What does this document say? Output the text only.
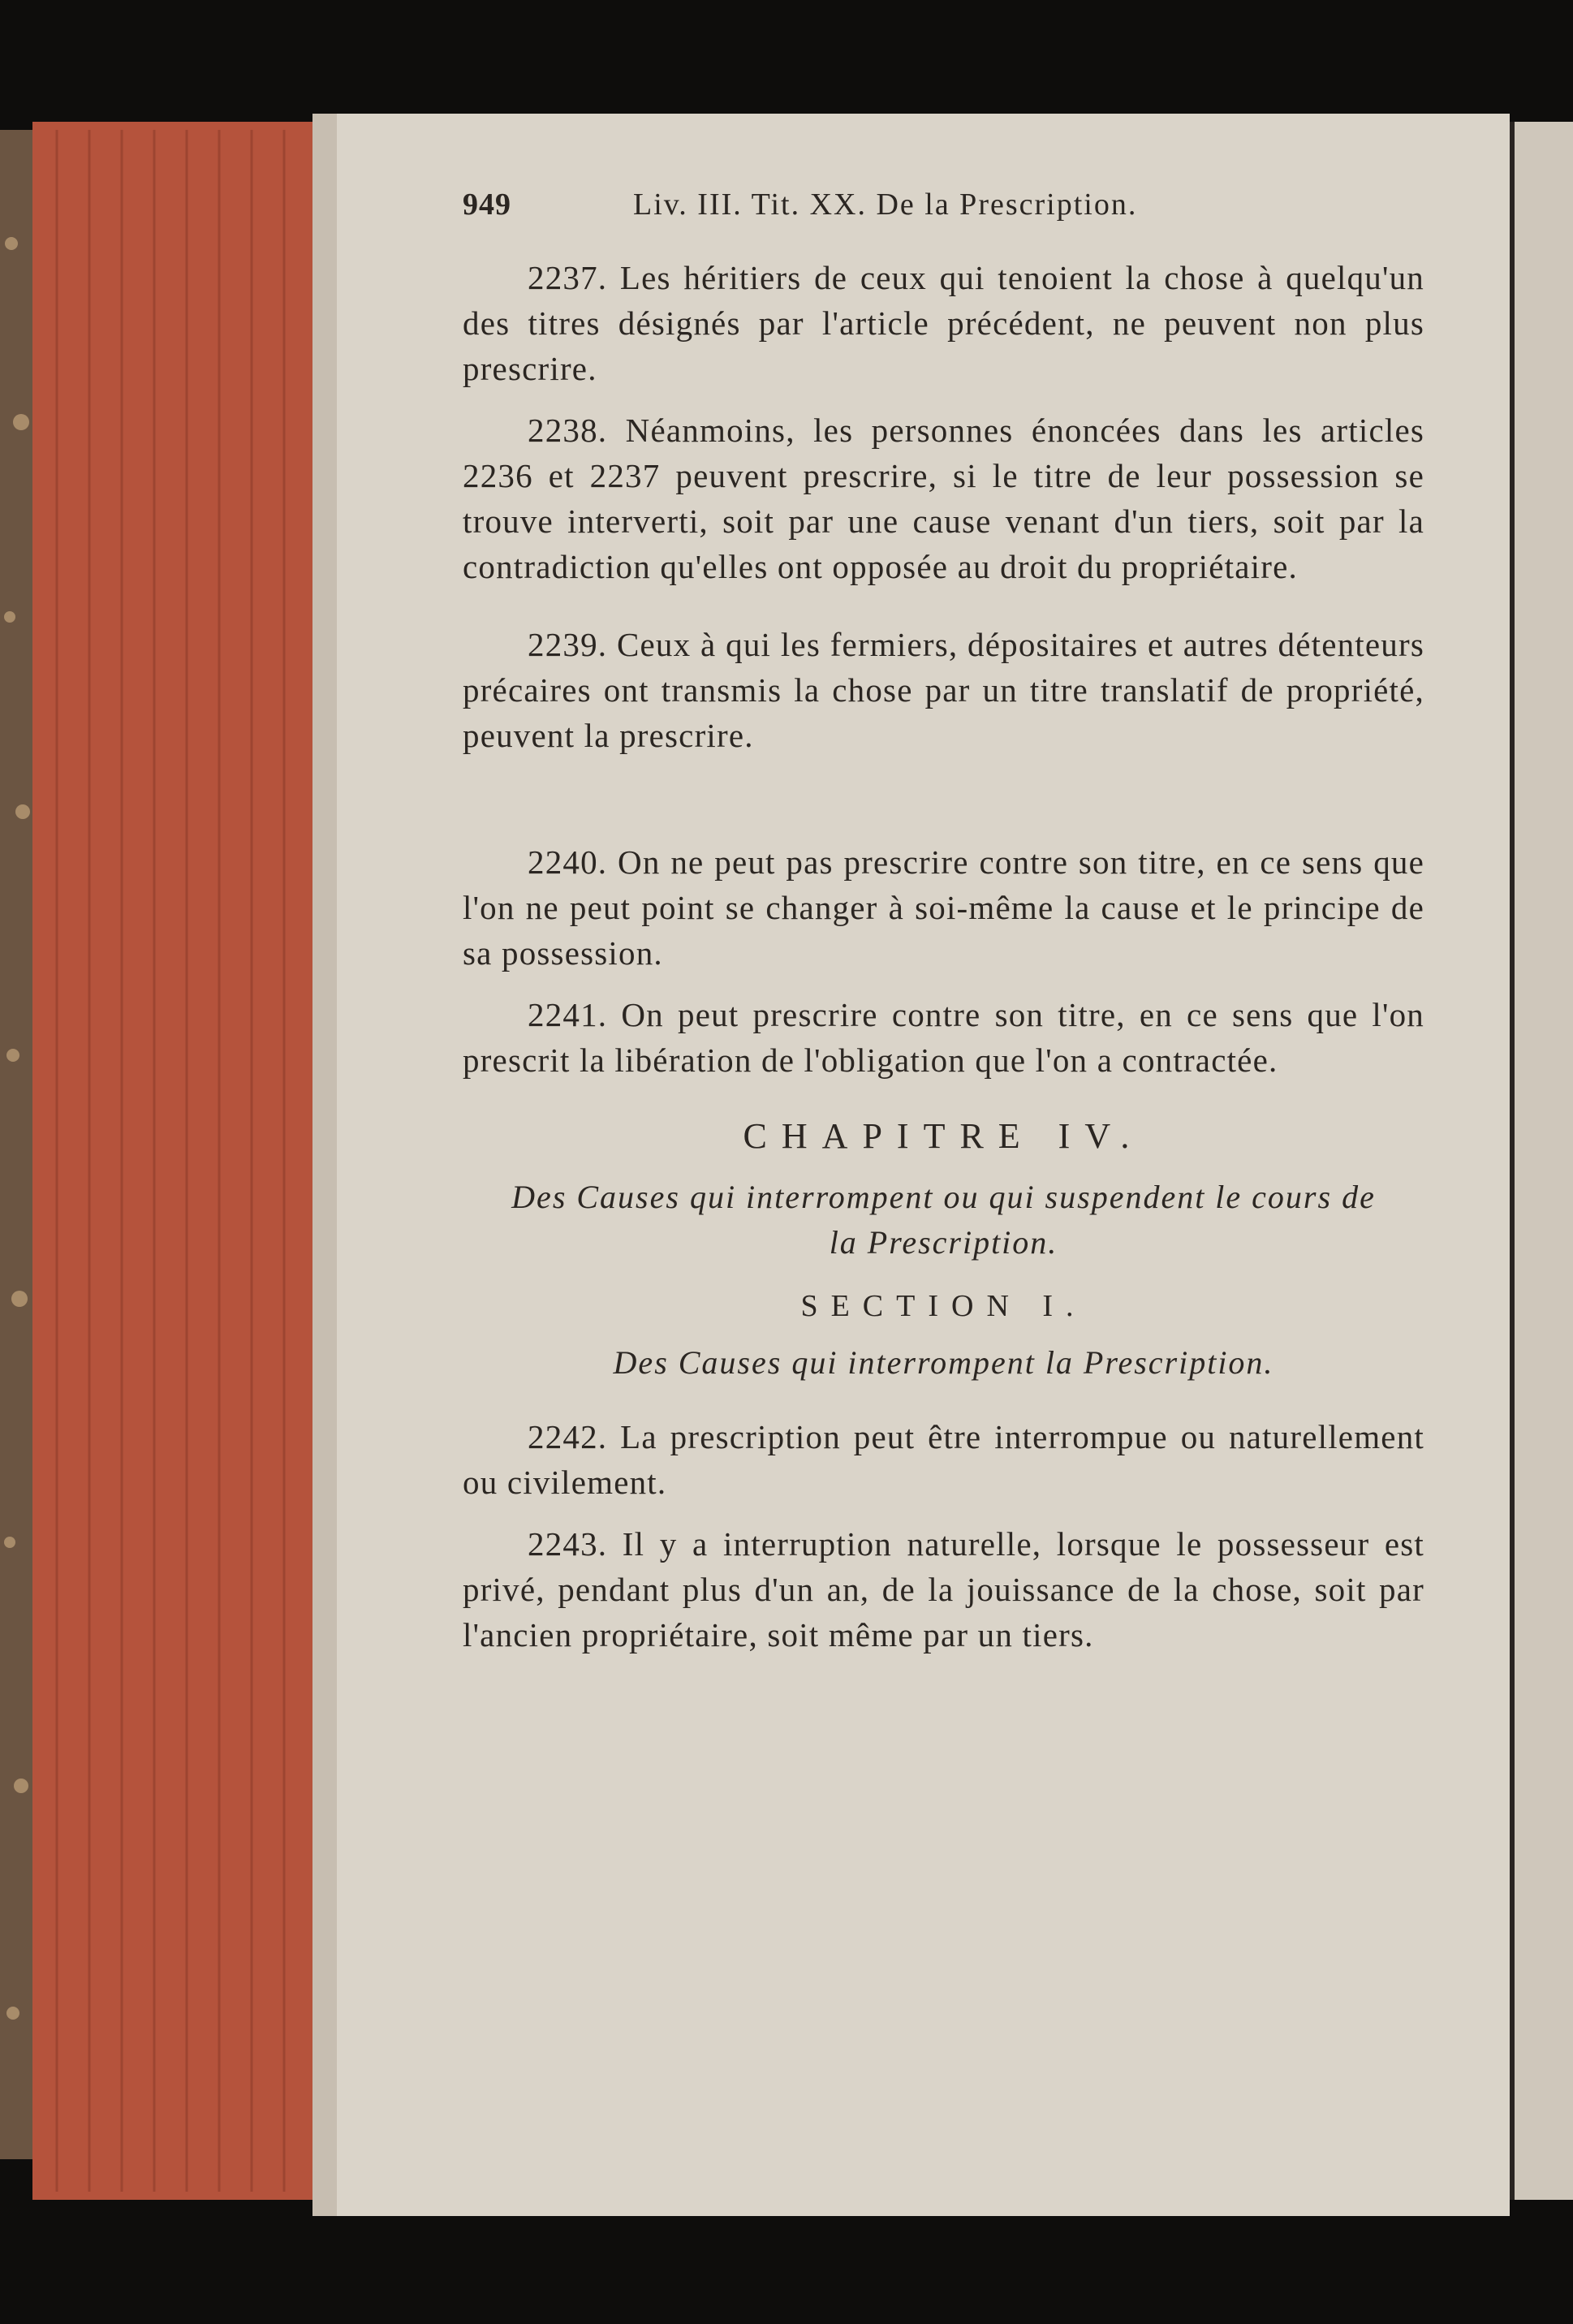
949	Liv. III. Tit. XX. De la Prescription.

2237. Les héritiers de ceux qui tenoient la chose à quelqu'un des titres désignés par l'article précédent, ne peuvent non plus prescrire.

2238. Néanmoins, les personnes énoncées dans les articles 2236 et 2237 peuvent prescrire, si le titre de leur possession se trouve interverti, soit par une cause venant d'un tiers, soit par la contradiction qu'elles ont opposée au droit du propriétaire.

2239. Ceux à qui les fermiers, dépositaires et autres détenteurs précaires ont transmis la chose par un titre translatif de propriété, peuvent la prescrire.

2240. On ne peut pas prescrire contre son titre, en ce sens que l'on ne peut point se changer à soi-même la cause et le principe de sa possession.

2241. On peut prescrire contre son titre, en ce sens que l'on prescrit la libération de l'obligation que l'on a contractée.

CHAPITRE IV.
Des Causes qui interrompent ou qui suspendent le cours de la Prescription.
SECTION I.
Des Causes qui interrompent la Prescription.

2242. La prescription peut être interrompue ou naturellement ou civilement.

2243. Il y a interruption naturelle, lorsque le possesseur est privé, pendant plus d'un an, de la jouissance de la chose, soit par l'ancien propriétaire, soit même par un tiers.
